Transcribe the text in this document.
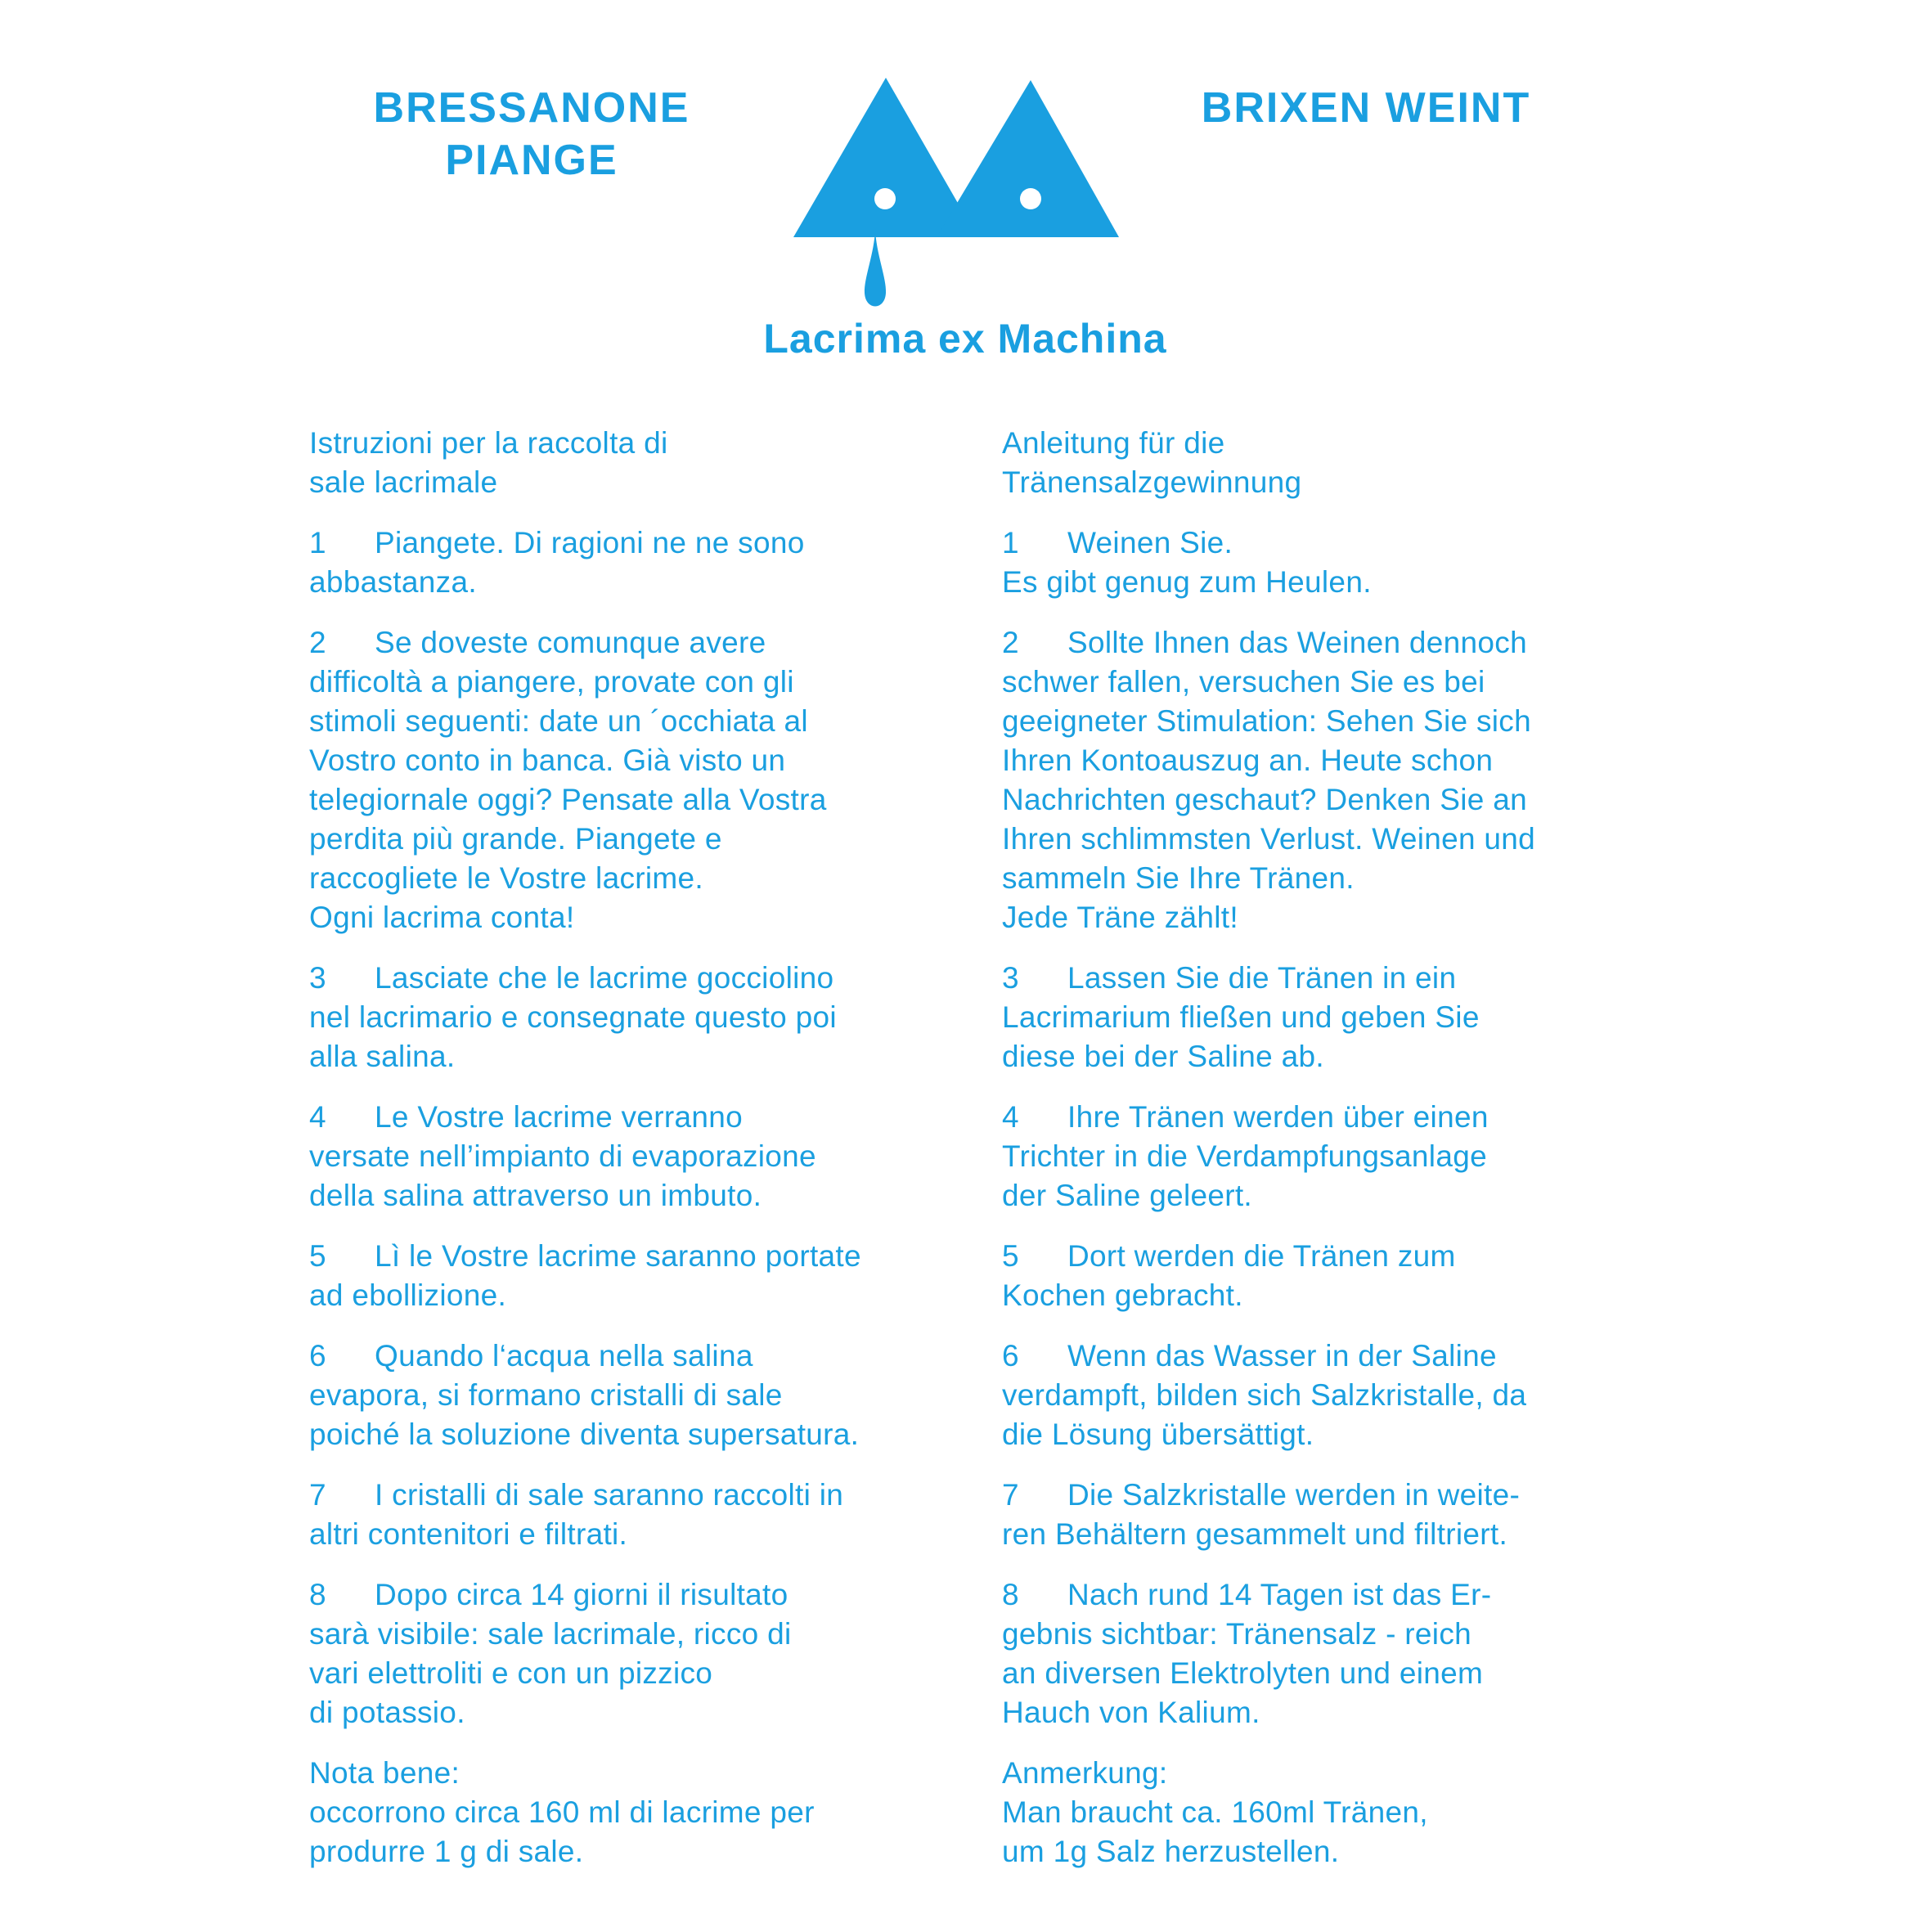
BRESSANONE
PIANGE
BRIXEN WEINT
Lacrima ex Machina
Istruzioni per la raccolta di
sale lacrimale

1 Piangete. Di ragioni ne ne sono
abbastanza.

2 Se doveste comunque avere
difficoltà a piangere, provate con gli
stimoli seguenti: date un ´occhiata al
Vostro conto in banca. Già visto un
telegiornale oggi? Pensate alla Vostra
perdita più grande. Piangete e
raccogliete le Vostre lacrime.
Ogni lacrima conta!

3 Lasciate che le lacrime gocciolino
nel lacrimario e consegnate questo poi
alla salina.

4 Le Vostre lacrime verranno
versate nell’impianto di evaporazione
della salina attraverso un imbuto.

5 Lì le Vostre lacrime saranno portate
ad ebollizione.

6 Quando l‘acqua nella salina
evapora, si formano cristalli di sale
poiché la soluzione diventa supersatura.

7 I cristalli di sale saranno raccolti in
altri contenitori e filtrati.

8 Dopo circa 14 giorni il risultato
sarà visibile: sale lacrimale, ricco di
vari elettroliti e con un pizzico
di potassio.

Nota bene:

occorrono circa 160 ml di lacrime per

produrre 1 g di sale.

Anleitung für die
Tränensalzgewinnung

1 Weinen Sie.
Es gibt genug zum Heulen.

2 Sollte Ihnen das Weinen dennoch
schwer fallen, versuchen Sie es bei
geeigneter Stimulation: Sehen Sie sich
Ihren Kontoauszug an. Heute schon
Nachrichten geschaut? Denken Sie an
Ihren schlimmsten Verlust. Weinen und
sammeln Sie Ihre Tränen.
Jede Träne zählt!

3 Lassen Sie die Tränen in ein
Lacrimarium fließen und geben Sie
diese bei der Saline ab.

4 Ihre Tränen werden über einen
Trichter in die Verdampfungsanlage
der Saline geleert.

5 Dort werden die Tränen zum
Kochen gebracht.

6 Wenn das Wasser in der Saline
verdampft, bilden sich Salzkristalle, da
die Lösung übersättigt.

7 Die Salzkristalle werden in weite-
ren Behältern gesammelt und filtriert.

8 Nach rund 14 Tagen ist das Er-
gebnis sichtbar: Tränensalz - reich
an diversen Elektrolyten und einem
Hauch von Kalium.

Anmerkung:

Man braucht ca. 160ml Tränen,

um 1g Salz herzustellen.
